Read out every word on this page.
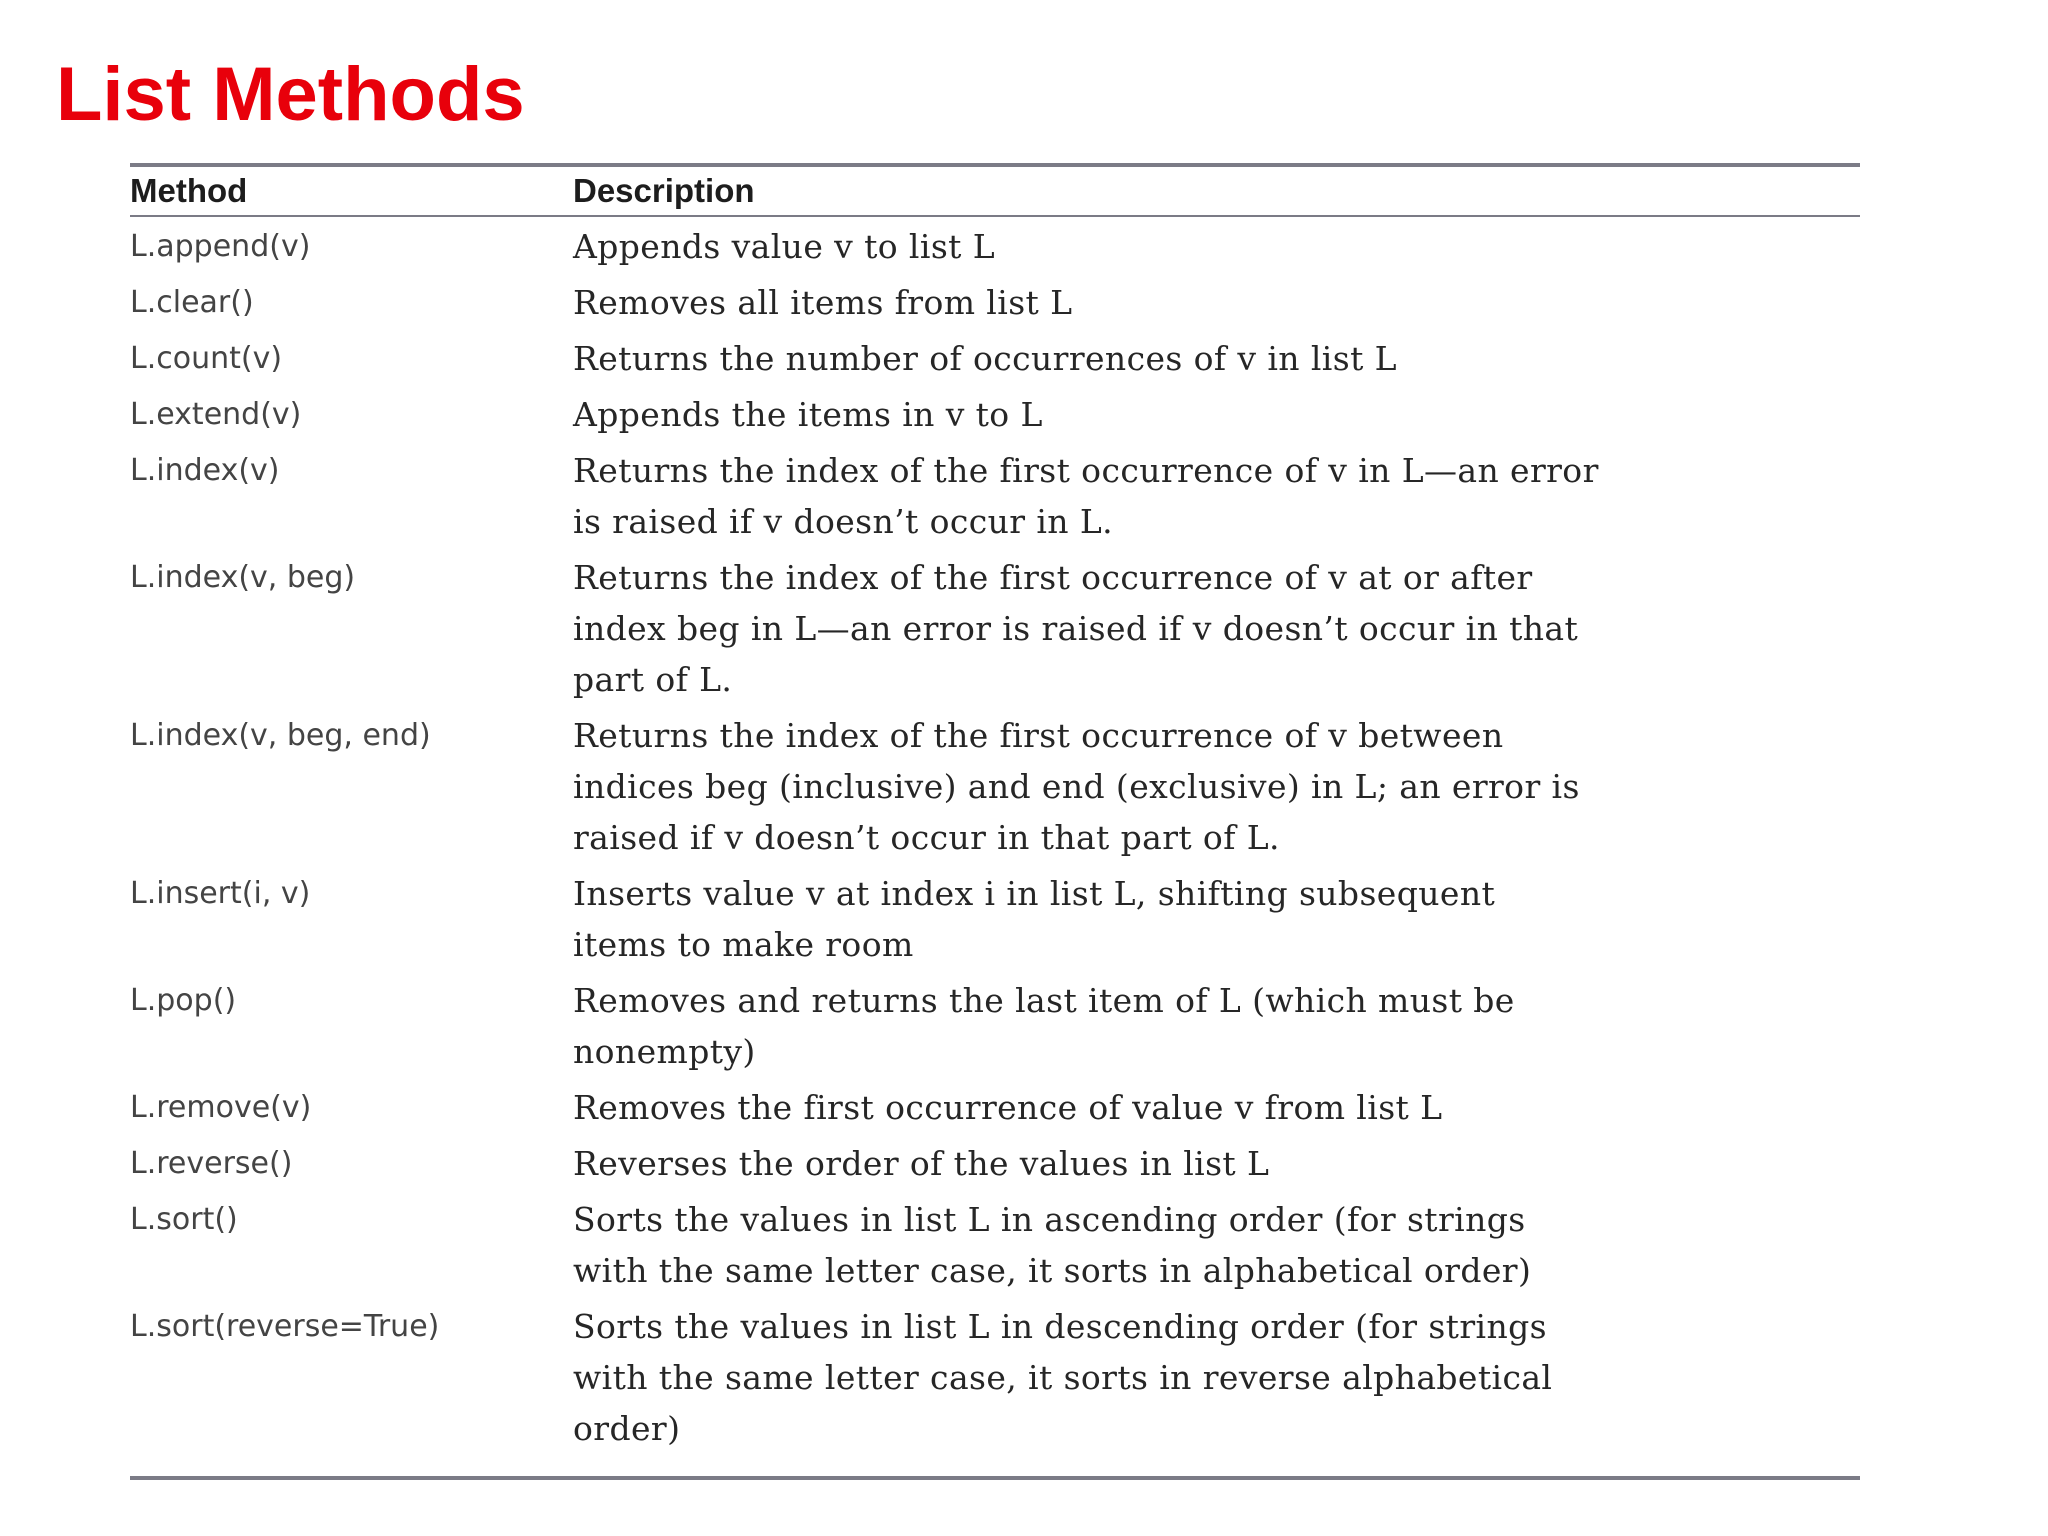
List Methods
Method	Description
L.append(v)	Appends value v to list L
L.clear()	Removes all items from list L
L.count(v)	Returns the number of occurrences of v in list L
L.extend(v)	Appends the items in v to L
L.index(v)	Returns the index of the first occurrence of v in L—an error
is raised if v doesn’t occur in L.
L.index(v, beg)	Returns the index of the first occurrence of v at or after
index beg in L—an error is raised if v doesn’t occur in that
part of L.
L.index(v, beg, end)	Returns the index of the first occurrence of v between
indices beg (inclusive) and end (exclusive) in L; an error is
raised if v doesn’t occur in that part of L.
L.insert(i, v)	Inserts value v at index i in list L, shifting subsequent
items to make room
L.pop()	Removes and returns the last item of L (which must be
nonempty)
L.remove(v)	Removes the first occurrence of value v from list L
L.reverse()	Reverses the order of the values in list L
L.sort()	Sorts the values in list L in ascending order (for strings
with the same letter case, it sorts in alphabetical order)
L.sort(reverse=True)	Sorts the values in list L in descending order (for strings
with the same letter case, it sorts in reverse alphabetical
order)
